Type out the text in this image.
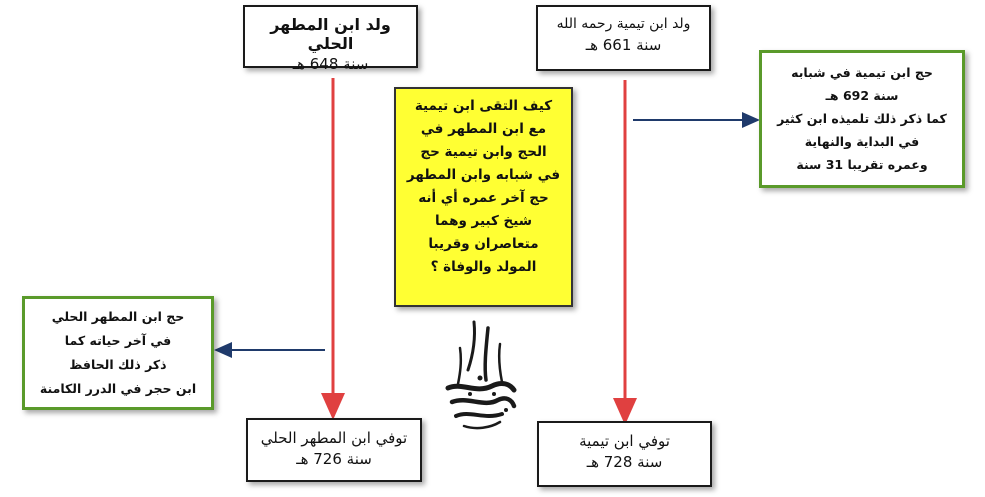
ولد ابن المطهر الحلي
سنة 648 هـ
ولد ابن تيمية رحمه الله
سنة 661 هـ
حج ابن تيمية في شبابه
سنة 692 هـ
كما ذكر ذلك تلميذه ابن كثير
في البداية والنهاية
وعمره تقريبا 31 سنة
كيف التقى ابن تيمية
مع ابن المطهر في
الحج وابن تيمية حج
في شبابه وابن المطهر
حج آخر عمره أي أنه
شيخ كبير وهما
متعاصران وقريبا
المولد والوفاة ؟
حج ابن المطهر الحلي
في آخر حياته كما
ذكر ذلك الحافظ
ابن حجر في الدرر الكامنة
توفي ابن المطهر الحلي
سنة 726 هـ
توفي ابن تيمية
سنة 728 هـ
